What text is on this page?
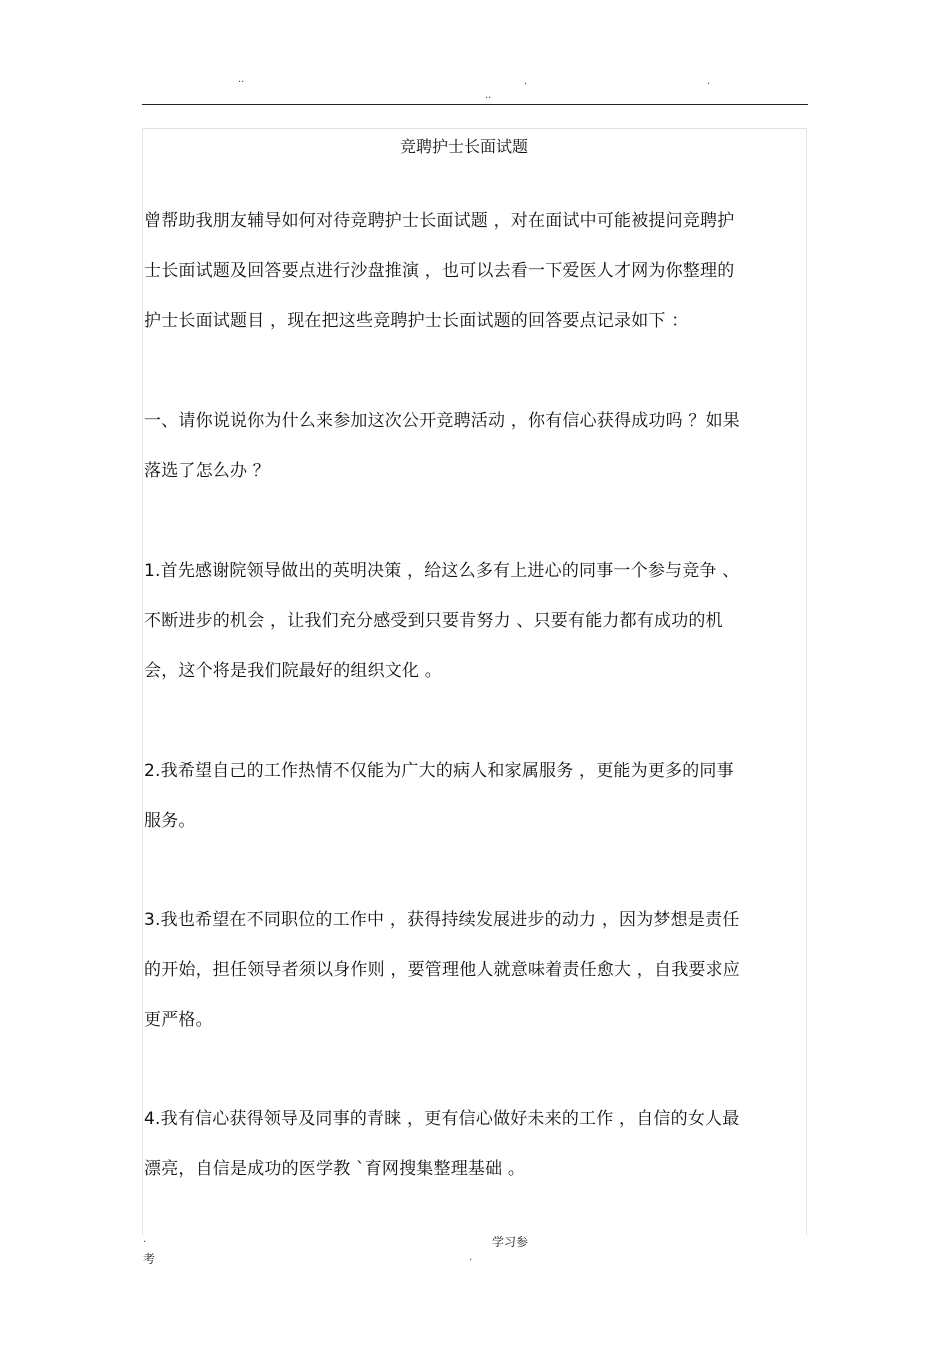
..	.	.
..
竞聘护士长面试题
曾帮助我朋友辅导如何对待竞聘护士长面试题 ，对在面试中可能被提问竞聘护
士长面试题及回答要点进行沙盘推演 ，也可以去看一下爱医人才网为你整理的
护士长面试题目 ，现在把这些竞聘护士长面试题的回答要点记录如下 ：
一、请你说说你为什么来参加这次公开竞聘活动 ，你有信心获得成功吗 ？如果
落选了怎么办 ？
1.首先感谢院领导做出的英明决策 ，给这么多有上进心的同事一个参与竞争 、
不断进步的机会 ，让我们充分感受到只要肯努力 、只要有能力都有成功的机
会，这个将是我们院最好的组织文化 。
2.我希望自己的工作热情不仅能为广大的病人和家属服务 ，更能为更多的同事
服务。
3.我也希望在不同职位的工作中 ，获得持续发展进步的动力 ，因为梦想是责任
的开始，担任领导者须以身作则 ，要管理他人就意味着责任愈大 ，自我要求应
更严格。
4.我有信心获得领导及同事的青睐 ，更有信心做好未来的工作 ，自信的女人最
漂亮，自信是成功的医学教 `育网搜集整理基础 。
.	学习参
考	.
